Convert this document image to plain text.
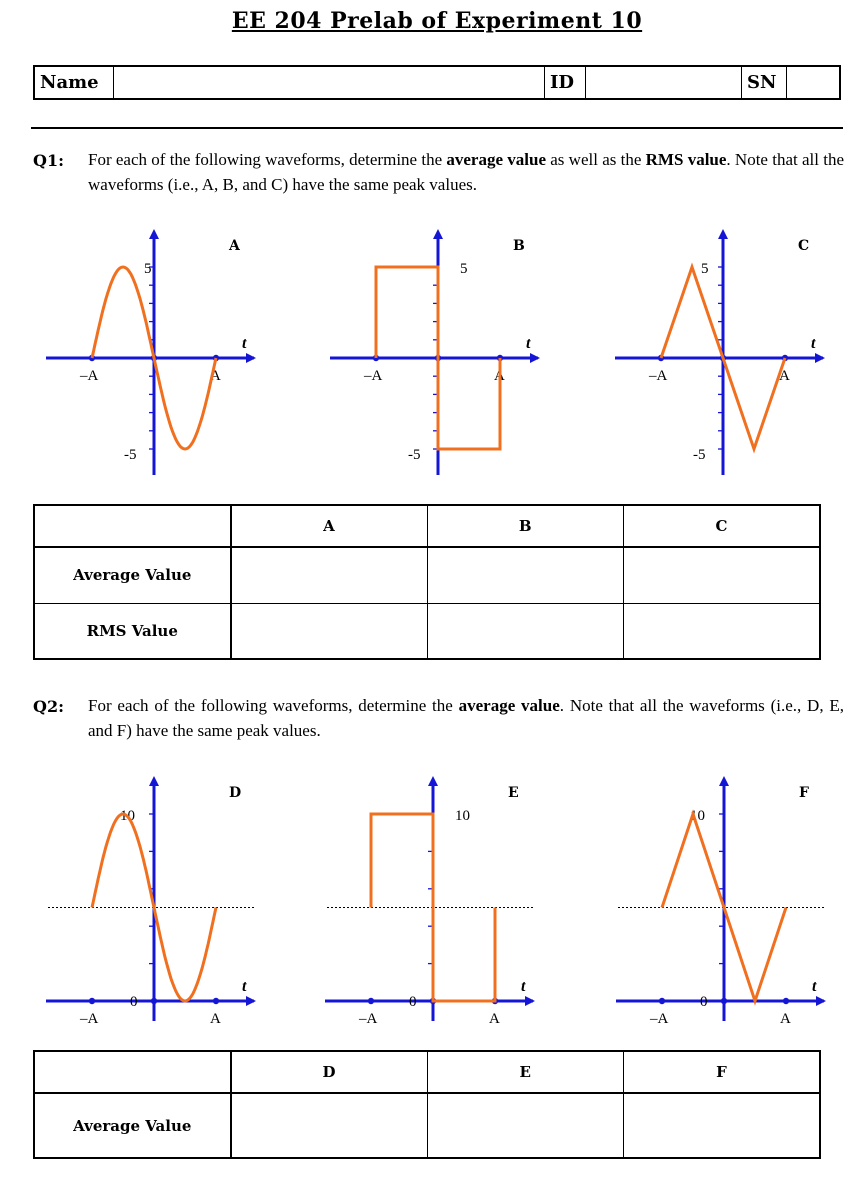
EE 204 Prelab of Experiment 10
Name		ID		SN	
Q1: For each of the following waveforms, determine the average value as well as the RMS value. Note that all the waveforms (i.e., A, B, and C) have the same peak values.
Q2: For each of the following waveforms, determine the average value. Note that all the waveforms (i.e., D, E, and F) have the same peak values.
–A	A
t
A
5
-5
–A	A
t
B
5
-5
–A	A
t
C
5
-5
–A	A
t
D
10
0
–A	A
t
E
10
0
–A	A
t
F
10
0
	A	B	C
Average Value			
RMS Value			
	D	E	F
Average Value			
